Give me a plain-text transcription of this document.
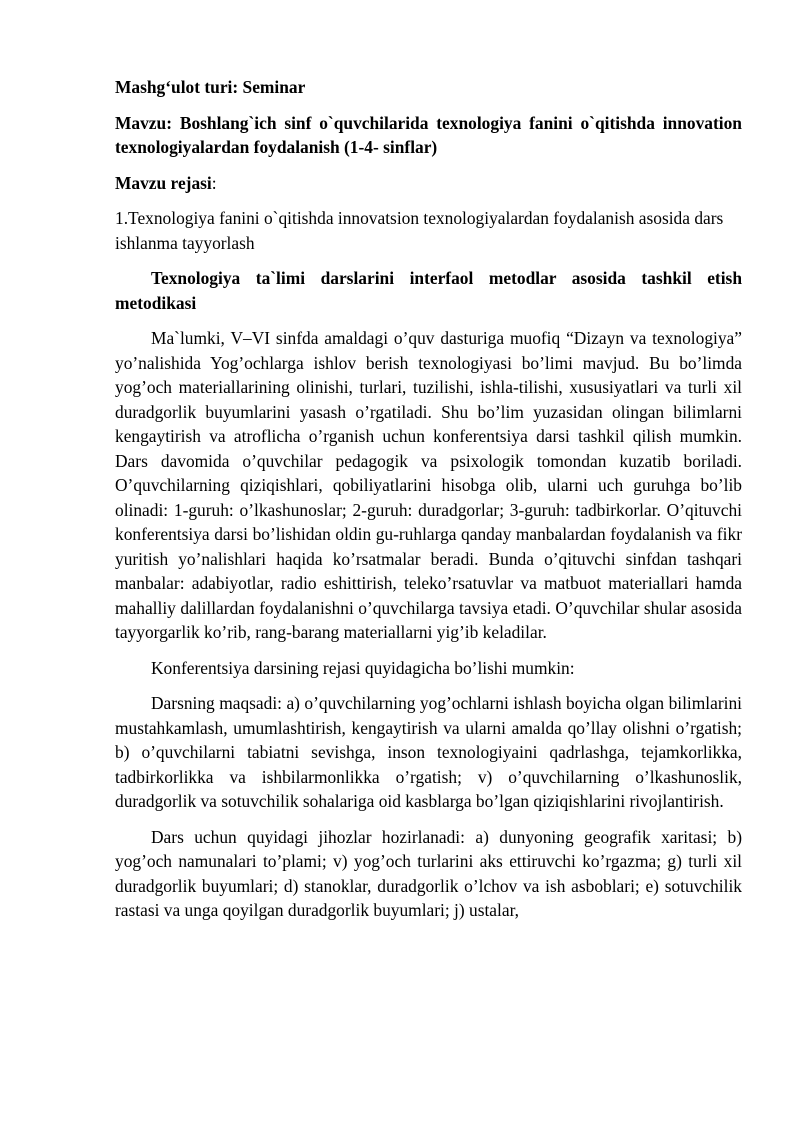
Mashg‘ulot turi: Seminar

Mavzu: Boshlang`ich sinf o`quvchilarida texnologiya fanini o`qitishda innovation texnologiyalardan foydalanish (1-4- sinflar)

Mavzu rejasi:

1.Texnologiya fanini o`qitishda innovatsion texnologiyalardan foydalanish asosida dars ishlanma tayyorlash

Texnologiya ta`limi darslarini interfaol metodlar asosida tashkil etish metodikasi

Ma`lumki, V–VI sinfda amaldagi o’quv dasturiga muofiq “Dizayn va texnologiya” yo’nalishida Yog’ochlarga ishlov berish texnologiyasi bo’limi mavjud. Bu bo’limda yog’och materiallarining olinishi, turlari, tuzilishi, ishla-tilishi, xususiyatlari va turli xil duradgorlik buyumlarini yasash o’rgatiladi. Shu bo’lim yuzasidan olingan bilimlarni kengaytirish va atroflicha o’rganish uchun konferentsiya darsi tashkil qilish mumkin. Dars davomida o’quvchilar pedagogik va psixologik tomondan kuzatib boriladi. O’quvchilarning qiziqishlari, qobiliyatlarini hisobga olib, ularni uch guruhga bo’lib olinadi: 1-guruh: o’lkashunoslar; 2-guruh: duradgorlar; 3-guruh: tadbirkorlar. O’qituvchi konferentsiya darsi bo’lishidan oldin gu-ruhlarga qanday manbalardan foydalanish va fikr yuritish yo’nalishlari haqida ko’rsatmalar beradi. Bunda o’qituvchi sinfdan tashqari manbalar: adabiyotlar, radio eshittirish, teleko’rsatuvlar va matbuot materiallari hamda mahalliy dalillardan foydalanishni o’quvchilarga tavsiya etadi. O’quvchilar shular asosida tayyorgarlik ko’rib, rang-barang materiallarni yig’ib keladilar.

Konferentsiya darsining rejasi quyidagicha bo’lishi mumkin:

Darsning maqsadi: a) o’quvchilarning yog’ochlarni ishlash boyicha olgan bilimlarini mustahkamlash, umumlashtirish, kengaytirish va ularni amalda qo’llay olishni o’rgatish; b) o’quvchilarni tabiatni sevishga, inson texnologiyaini qadrlashga, tejamkorlikka, tadbirkorlikka va ishbilarmonlikka o’rgatish; v) o’quvchilarning o’lkashunoslik, duradgorlik va sotuvchilik sohalariga oid kasblarga bo’lgan qiziqishlarini rivojlantirish.

Dars uchun quyidagi jihozlar hozirlanadi: a) dunyoning geografik xaritasi; b) yog’och namunalari to’plami; v) yog’och turlarini aks ettiruvchi ko’rgazma; g) turli xil duradgorlik buyumlari; d) stanoklar, duradgorlik o’lchov va ish asboblari; e) sotuvchilik rastasi va unga qoyilgan duradgorlik buyumlari; j) ustalar,
